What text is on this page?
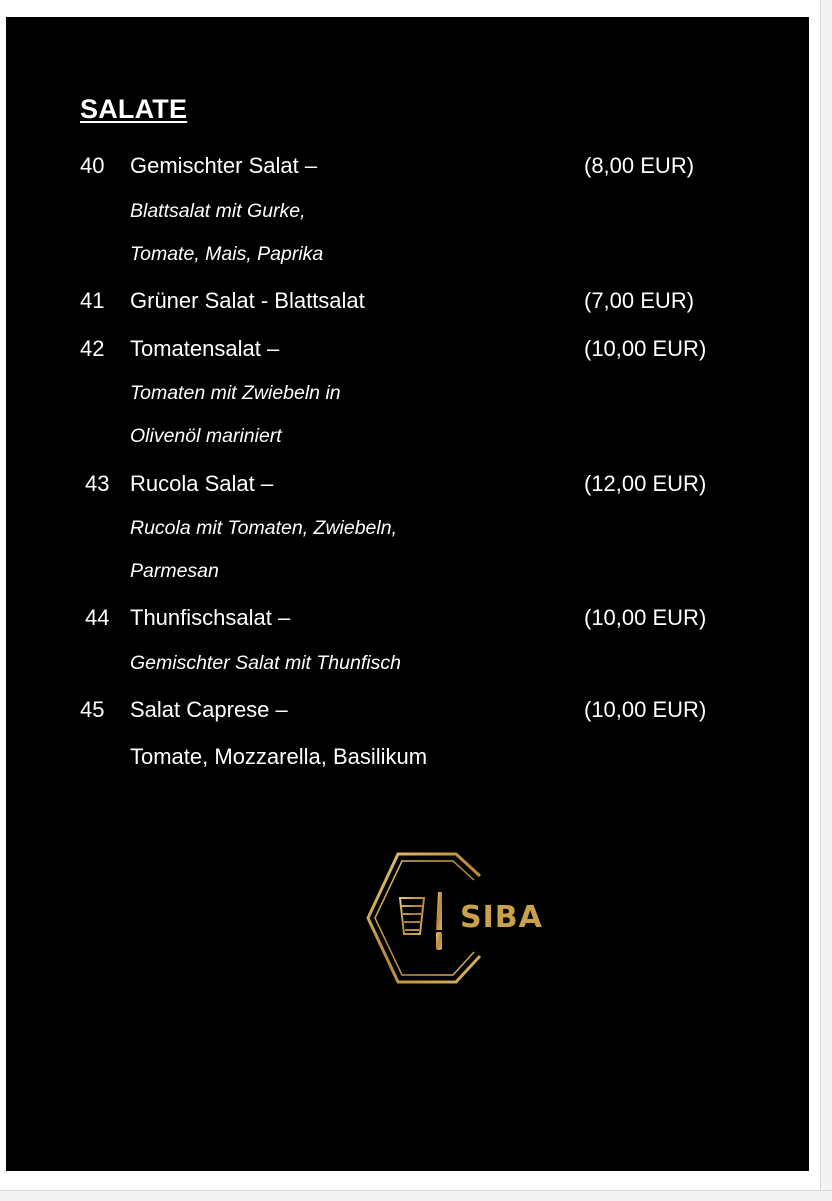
SALATE
40 Gemischter Salat –	(8,00 EUR)
Blattsalat mit Gurke,
Tomate, Mais, Paprika
41 Grüner Salat - Blattsalat	(7,00 EUR)
42 Tomatensalat –	(10,00 EUR)
Tomaten mit Zwiebeln in
Olivenöl mariniert
43 Rucola Salat –	(12,00 EUR)
Rucola mit Tomaten, Zwiebeln,
Parmesan
44 Thunfischsalat –	(10,00 EUR)
Gemischter Salat mit Thunfisch
45 Salat Caprese –	(10,00 EUR)
Tomate, Mozzarella, Basilikum
SIBA
